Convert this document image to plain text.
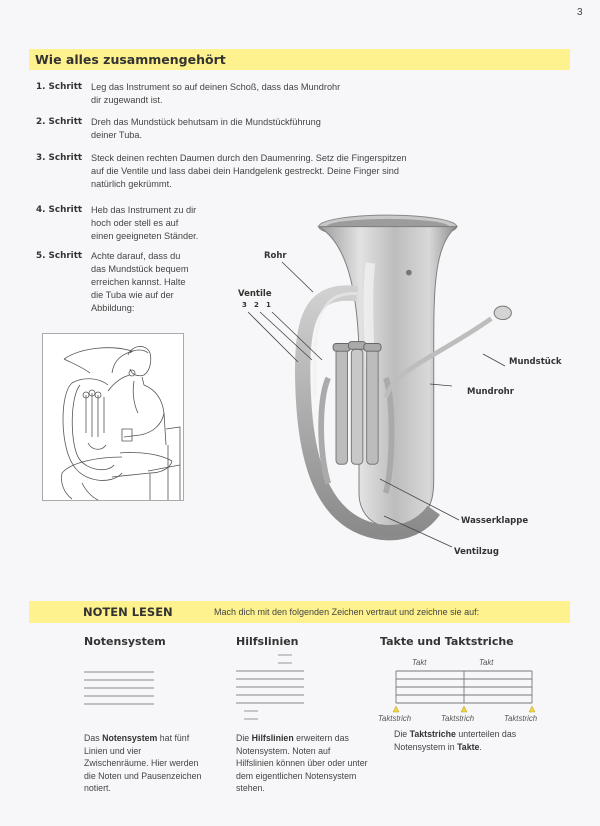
3
Wie alles zusammengehört
1. Schritt Leg das Instrument so auf deinen Schoß, dass das Mundrohr
dir zugewandt ist.
2. Schritt Dreh das Mundstück behutsam in die Mundstückführung
deiner Tuba.
3. Schritt Steck deinen rechten Daumen durch den Daumenring. Setz die Fingerspitzen
auf die Ventile und lass dabei dein Handgelenk gestreckt. Deine Finger sind
natürlich gekrümmt.
4. Schritt Heb das Instrument zu dir
hoch oder stell es auf
einen geeigneten Ständer.
5. Schritt Achte darauf, dass du
das Mundstück bequem
erreichen kannst. Halte
die Tuba wie auf der
Abbildung:
Rohr
Ventile
3 2 1
Mundstück
Mundrohr
Wasserklappe
Ventilzug
NOTEN LESEN	Mach dich mit den folgenden Zeichen vertraut und zeichne sie auf:
Notensystem	Hilfslinien	Takte und Taktstriche
Takt	Takt
Taktstrich	Taktstrich	Taktstrich
Das Notensystem hat fünf Linien und vier Zwischenräume. Hier werden die Noten und Pausenzeichen notiert.
Die Hilfslinien erweitern das Notensystem. Noten auf Hilfslinien können über oder unter dem eigentlichen Notensystem stehen.
Die Taktstriche unterteilen das Notensystem in Takte.
